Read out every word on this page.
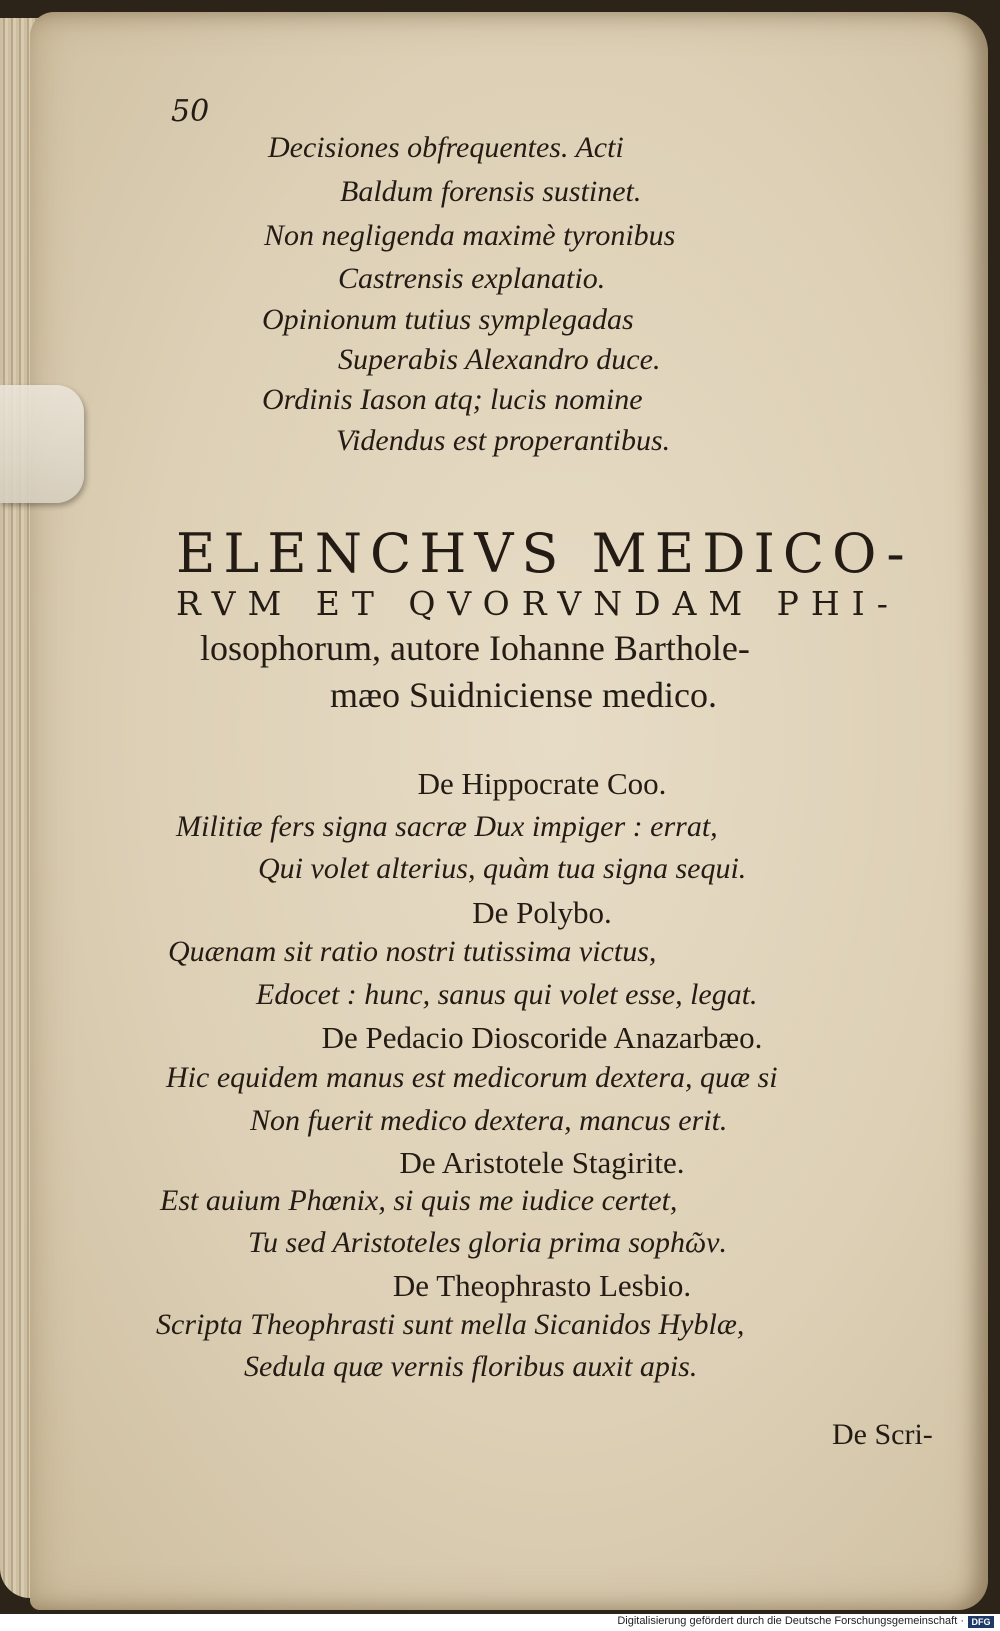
50
Decisiones obfrequentes. Acti
Baldum forensis sustinet.
Non negligenda maximè tyronibus
Castrensis explanatio.
Opinionum tutius symplegadas
Superabis Alexandro duce.
Ordinis Iason atq; lucis nomine
Videndus est properantibus.
ELENCHVS MEDICO-
RVM ET QVORVNDAM PHI-
losophorum, autore Iohanne Barthole-
mæo Suidniciense medico.
De Hippocrate Coo.
Militiæ fers signa sacræ Dux impiger : errat,
Qui volet alterius, quàm tua signa sequi.
De Polybo.
Quænam sit ratio nostri tutissima victus,
Edocet : hunc, sanus qui volet esse, legat.
De Pedacio Dioscoride Anazarbæo.
Hic equidem manus est medicorum dextera, quæ si
Non fuerit medico dextera, mancus erit.
De Aristotele Stagirite.
Est auium Phœnix, si quis me iudice certet,
Tu sed Aristoteles gloria prima sophῶν.
De Theophrasto Lesbio.
Scripta Theophrasti sunt mella Sicanidos Hyblæ,
Sedula quæ vernis floribus auxit apis.
De Scri-
Digitalisierung gefördert durch die Deutsche Forschungsgemeinschaft · DFG
